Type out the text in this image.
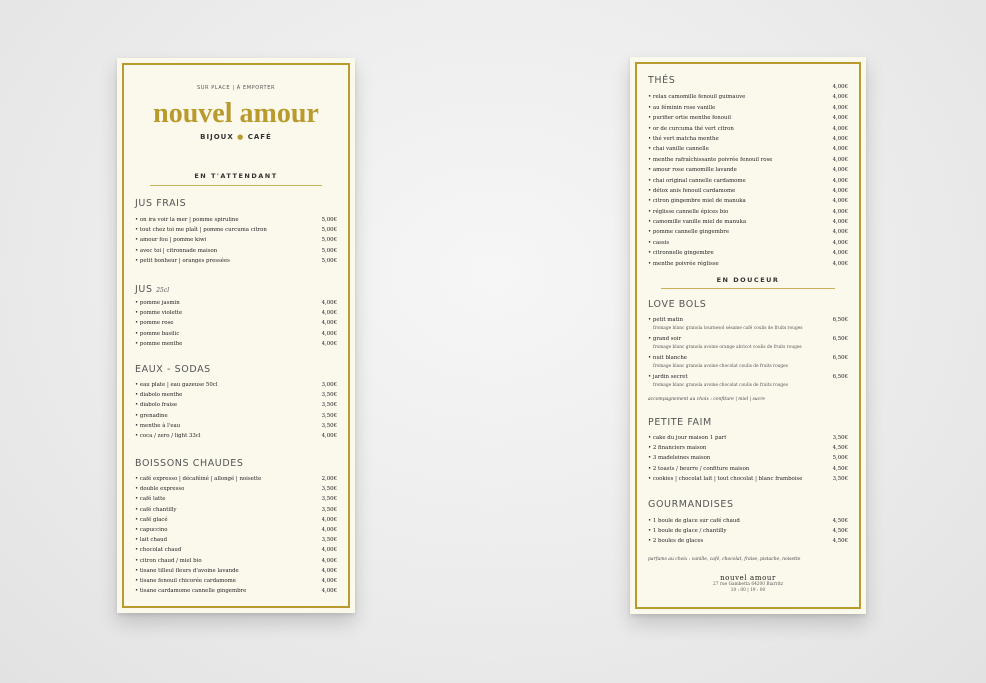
SUR PLACE | À EMPORTER
nouvel amour
BIJOUX ● CAFÉ
EN T'ATTENDANT
JUS FRAIS
• on ira voir la mer | pomme spiruline	5,00€
• tout chez toi me plaît | pomme curcuma citron	5,00€
• amour fou | pomme kiwi	5,00€
• avec toi | citronnade maison	5,00€
• petit bonheur | oranges pressées	5,00€
JUS 25cl
• pomme jasmin	4,00€
• pomme violette	4,00€
• pomme rose	4,00€
• pomme basilic	4,00€
• pomme menthe	4,00€
EAUX - SODAS
• eau plate | eau gazeuse 50cl	3,00€
• diabolo menthe	3,50€
• diabolo fraise	3,50€
• grenadine	3,50€
• menthe à l'eau	3,50€
• coca / zero / light 33cl	4,00€
BOISSONS CHAUDES
• café expresso | décaféiné | allongé | noisette	2,00€
• double expresso	3,50€
• café latte	3,50€
• café chantilly	3,50€
• café glacé	4,00€
• capuccino	4,00€
• lait chaud	3,50€
• chocolat chaud	4,00€
• citron chaud / miel bio	4,00€
• tisane tilleul fleurs d'avoine lavande	4,00€
• tisane fenouil chicorée cardamome	4,00€
• tisane cardamome cannelle gingembre	4,00€
THÉS
4,00€
• relax camomille fenouil guimauve	4,00€
• au féminin rose vanille	4,00€
• purifier ortie menthe fenouil	4,00€
• or de curcuma thé vert citron	4,00€
• thé vert matcha menthe	4,00€
• chai vanille cannelle	4,00€
• menthe rafraîchissante poivrée fenouil rose	4,00€
• amour rose camomille lavande	4,00€
• chai original cannelle cardamome	4,00€
• détox anis fenouil cardamome	4,00€
• citron gingembre miel de manuka	4,00€
• réglisse cannelle épices bio	4,00€
• camomille vanille miel de manuka	4,00€
• pomme cannelle gingembre	4,00€
• cassis	4,00€
• citronnelle gingembre	4,00€
• menthe poivrée réglisse	4,00€
EN DOUCEUR
LOVE BOLS
• petit matin	6,50€
fromage blanc granola tournesol sésame café coulis de fruits rouges
• grand soir	6,50€
fromage blanc granola avoine orange abricot coulis de fruits rouges
• nuit blanche	6,50€
fromage blanc granola avoine chocolat coulis de fruits rouges
• jardin secret	6,50€
fromage blanc granola avoine chocolat coulis de fruits rouges
accompagnement au choix : confiture | miel | sucre
PETITE FAIM
• cake du jour maison 1 part	3,50€
• 2 financiers maison	4,50€
• 3 madeleines maison	5,00€
• 2 toasts / beurre / confiture maison	4,50€
• cookies | chocolat lait | tout chocolat | blanc framboise	3,50€
GOURMANDISES
• 1 boule de glace sur café chaud	4,50€
• 1 boule de glace / chantilly	4,50€
• 2 boules de glaces	4,50€
parfums au choix : vanille, café, chocolat, fraise, pistache, noisette
nouvel amour
27 rue Gambetta 64200 Biarritz
10 : 00 | 19 : 00
